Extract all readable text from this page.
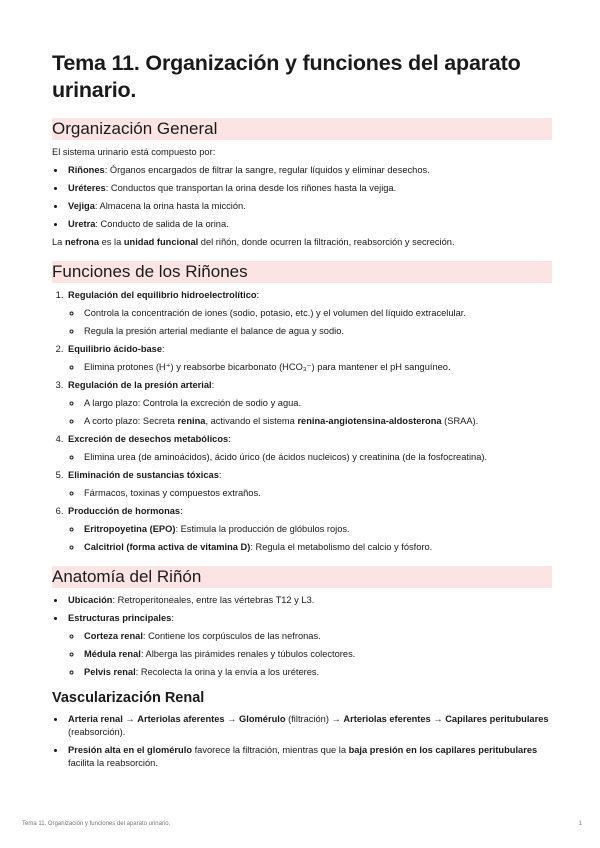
Tema 11. Organización y funciones del aparato urinario.
Organización General

El sistema urinario está compuesto por:

• Riñones: Órganos encargados de filtrar la sangre, regular líquidos y eliminar desechos.
• Uréteres: Conductos que transportan la orina desde los riñones hasta la vejiga.
• Vejiga: Almacena la orina hasta la micción.
• Uretra: Conducto de salida de la orina.

La nefrona es la unidad funcional del riñón, donde ocurren la filtración, reabsorción y secreción.

Funciones de los Riñones
1. Regulación del equilibrio hidroelectrolítico:
◦ Controla la concentración de iones (sodio, potasio, etc.) y el volumen del líquido extracelular.
◦ Regula la presión arterial mediante el balance de agua y sodio.
2. Equilibrio ácido-base:
◦ Elimina protones (H⁺) y reabsorbe bicarbonato (HCO₃⁻) para mantener el pH sanguíneo.
3. Regulación de la presión arterial:
◦ A largo plazo: Controla la excreción de sodio y agua.
◦ A corto plazo: Secreta renina, activando el sistema renina-angiotensina-aldosterona (SRAA).
4. Excreción de desechos metabólicos:
◦ Elimina urea (de aminoácidos), ácido úrico (de ácidos nucleicos) y creatinina (de la fosfocreatina).
5. Eliminación de sustancias tóxicas:
◦ Fármacos, toxinas y compuestos extraños.
6. Producción de hormonas:
◦ Eritropoyetina (EPO): Estimula la producción de glóbulos rojos.
◦ Calcitriol (forma activa de vitamina D): Regula el metabolismo del calcio y fósforo.
Anatomía del Riñón
• Ubicación: Retroperitoneales, entre las vértebras T12 y L3.
• Estructuras principales:
◦ Corteza renal: Contiene los corpúsculos de las nefronas.
◦ Médula renal: Alberga las pirámides renales y túbulos colectores.
◦ Pelvis renal: Recolecta la orina y la envía a los uréteres.
Vascularización Renal
• Arteria renal → Arteriolas aferentes → Glomérulo (filtración) → Arteriolas eferentes → Capilares peritubulares (reabsorción).
• Presión alta en el glomérulo favorece la filtración, mientras que la baja presión en los capilares peritubulares facilita la reabsorción.
Tema 11. Organización y funciones del aparato urinario.	1
